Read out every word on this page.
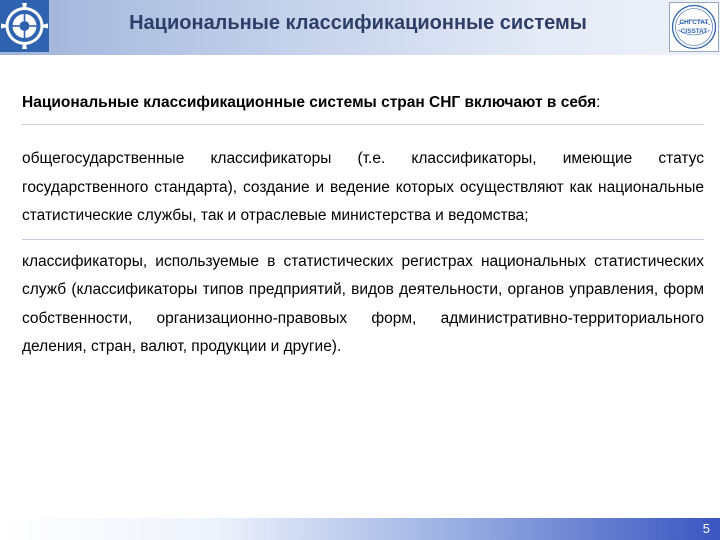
Национальные классификационные системы	СНГСТАТ
CISSTAT

Национальные классификационные системы стран СНГ включают в себя:

общегосударственные классификаторы (т.е. классификаторы, имеющие статус государственного стандарта), создание и ведение которых осуществляют как национальные статистические службы, так и отраслевые министерства и ведомства;

классификаторы, используемые в статистических регистрах национальных статистических служб (классификаторы типов предприятий, видов деятельности, органов управления, форм собственности, организационно-правовых форм, административно-территориального деления, стран, валют, продукции и другие).

5
